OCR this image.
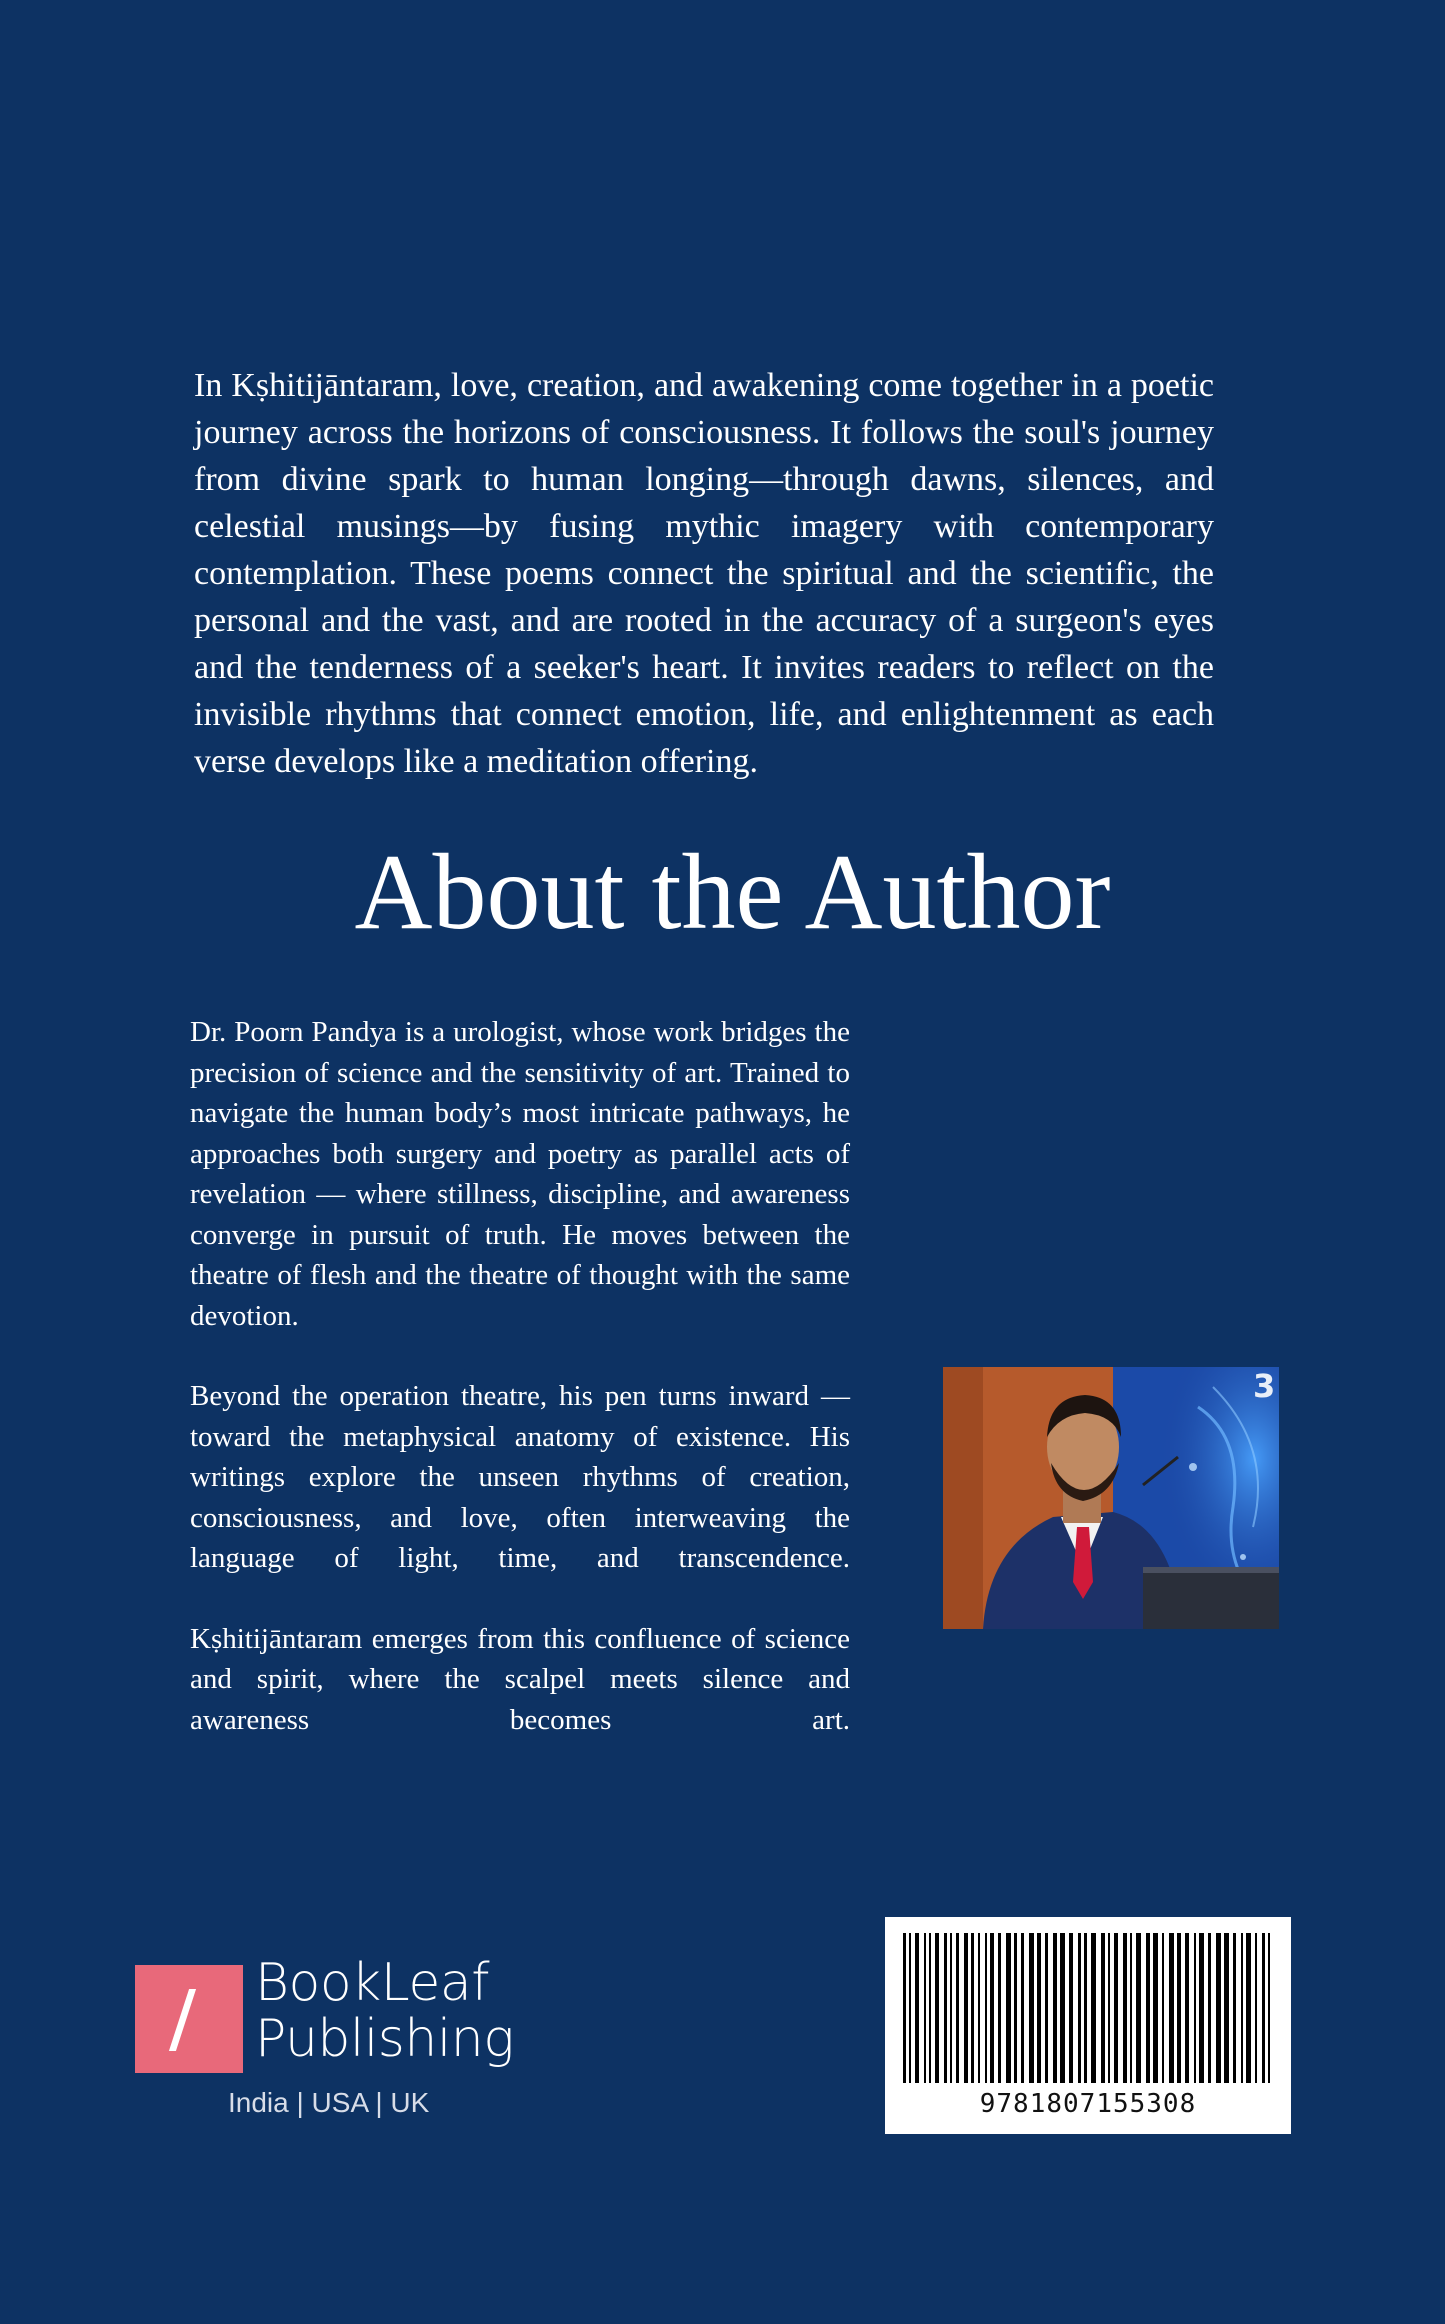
In Kṣhitijāntaram, love, creation, and awakening come together in a poetic journey across the horizons of consciousness. It follows the soul's journey from divine spark to human longing—through dawns, silences, and celestial musings—by fusing mythic imagery with contemporary contemplation. These poems connect the spiritual and the scientific, the personal and the vast, and are rooted in the accuracy of a surgeon's eyes and the tenderness of a seeker's heart. It invites readers to reflect on the invisible rhythms that connect emotion, life, and enlightenment as each verse develops like a meditation offering.

About the Author

Dr. Poorn Pandya is a urologist, whose work bridges the precision of science and the sensitivity of art. Trained to navigate the human body’s most intricate pathways, he approaches both surgery and poetry as parallel acts of revelation — where stillness, discipline, and awareness converge in pursuit of truth. He moves between the theatre of flesh and the theatre of thought with the same devotion.

Beyond the operation theatre, his pen turns inward — toward the metaphysical anatomy of existence. His writings explore the unseen rhythms of creation, consciousness, and love, often interweaving the language of light, time, and transcendence.

Kṣhitijāntaram emerges from this confluence of science and spirit, where the scalpel meets silence and awareness becomes art.

3
BookLeaf
Publishing
India | USA | UK	9781807155308
